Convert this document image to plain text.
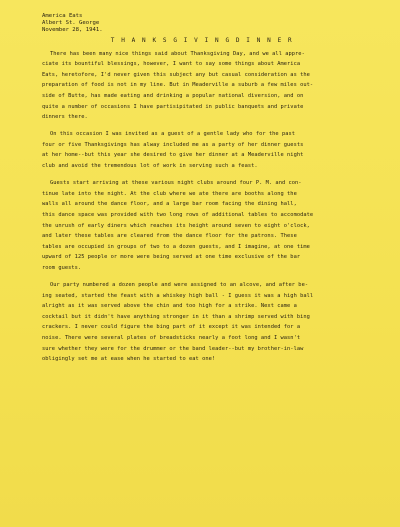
America Eats
Albert St. George
November 28, 1941.
T H A N K S G I V I N G D I N N E R
There has been many nice things said about Thanksgiving Day, and we all appre-
ciate its bountiful blessings, however, I want to say some things about America
Eats, heretofore, I'd never given this subject any but casual consideration as the
preparation of food is not in my line. But in Meaderville a suburb a few miles out-
side of Butte, has made eating and drinking a popular national diversion, and on
quite a number of occasions I have partisipitated in public banquets and private
dinners there.
On this occasion I was invited as a guest of a gentle lady who for the past
four or five Thanksgivings has alway included me as a party of her dinner guests
at her home--but this year she desired to give her dinner at a Meaderville night
club and avoid the tremendous lot of work in serving such a feast.
Guests start arriving at these various night clubs around four P. M. and con-
tinue late into the night. At the club where we ate there are booths along the
walls all around the dance floor, and a large bar room facing the dining hall,
this dance space was provided with two long rows of additional tables to accomodate
the unrush of early diners which reaches its height around seven to eight o'clock,
and later these tables are cleared from the dance floor for the patrons. These
tables are occupied in groups of two to a dozen guests, and I imagine, at one time
upward of 125 people or more were being served at one time exclusive of the bar
room guests.
Our party numbered a dozen people and were assigned to an alcove, and after be-
ing seated, started the feast with a whiskey high ball - I guess it was a high ball
alright as it was served above the chin and too high for a strike. Next came a
cocktail but it didn't have anything stronger in it than a shrimp served with bing
crackers. I never could figure the bing part of it except it was intended for a
noise. There were several plates of breadsticks nearly a foot long and I wasn't
sure whether they were for the drummer or the band leader--but my brother-in-law
obligingly set me at ease when he started to eat one!
